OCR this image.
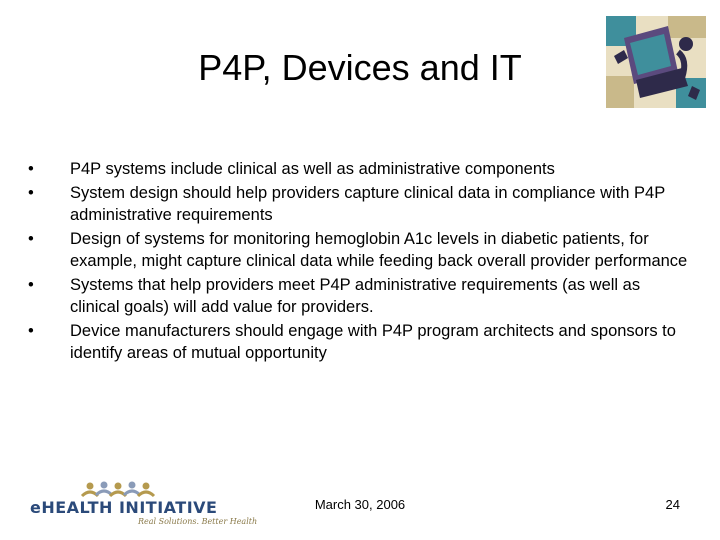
P4P, Devices and IT
•	P4P systems include clinical as well as administrative components
•	System design should help providers capture clinical data in compliance with P4P administrative requirements
•	Design of systems for monitoring hemoglobin A1c levels in diabetic patients, for example, might capture clinical data while feeding back overall provider performance
•	Systems that help providers meet P4P administrative requirements (as well as clinical goals) will add value for providers.
•	Device manufacturers should engage with P4P program architects and sponsors to identify areas of mutual opportunity
eHEALTH INITIATIVE
Real Solutions. Better Health
March 30, 2006	24
